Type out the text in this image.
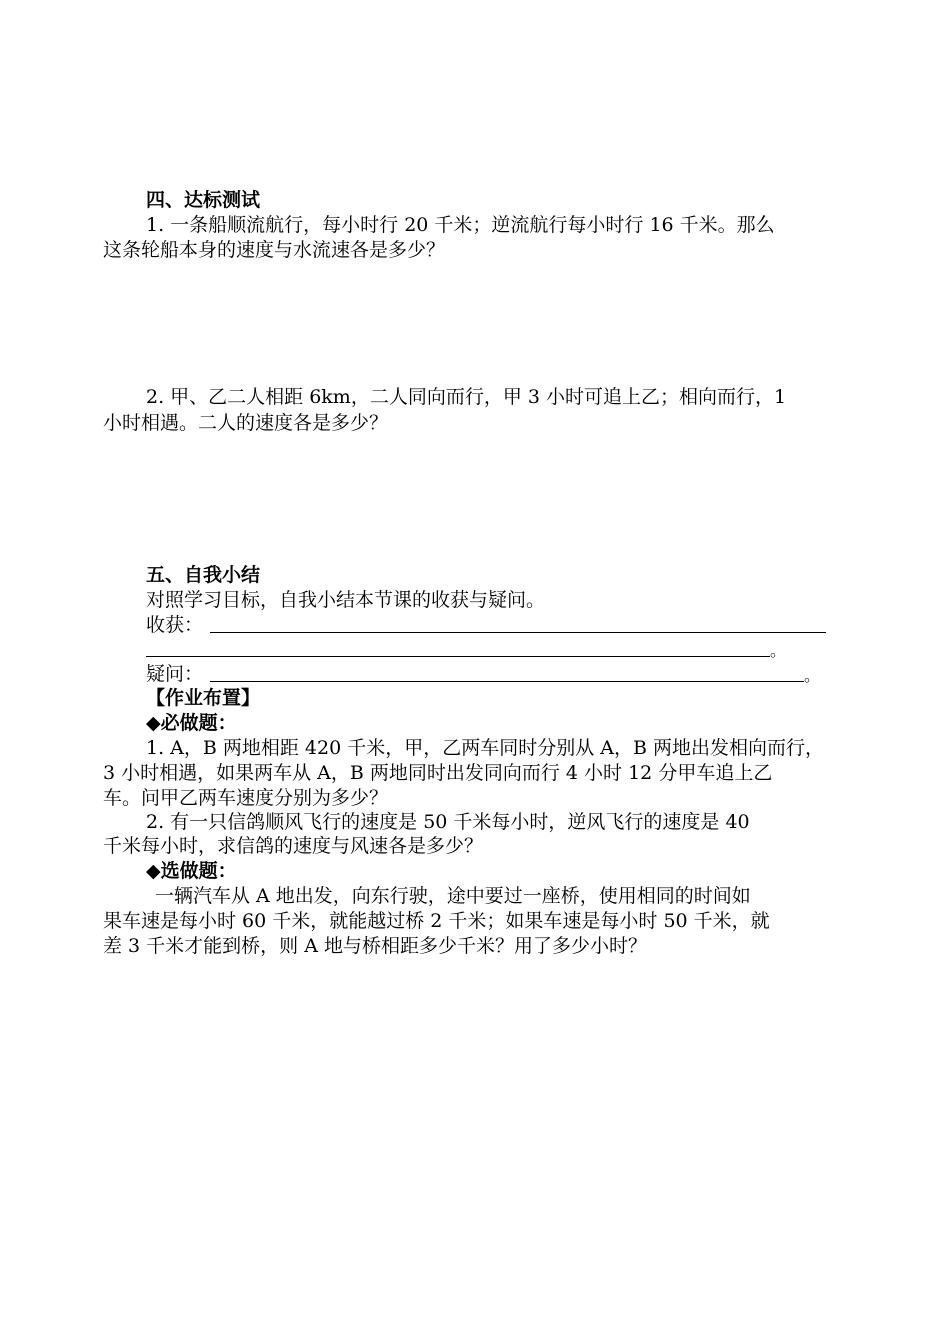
四、达标测试
1. 一条船顺流航行，每小时行 20 千米；逆流航行每小时行 16 千米。那么
这条轮船本身的速度与水流速各是多少？
2. 甲、乙二人相距 6km，二人同向而行，甲 3 小时可追上乙；相向而行，1
小时相遇。二人的速度各是多少？
五、自我小结
对照学习目标，自我小结本节课的收获与疑问。
收获：
。
疑问：	。
【作业布置】
◆必做题：
1. A，B 两地相距 420 千米，甲，乙两车同时分别从 A，B 两地出发相向而行，
3 小时相遇，如果两车从 A，B 两地同时出发同向而行 4 小时 12 分甲车追上乙
车。问甲乙两车速度分别为多少？
2. 有一只信鸽顺风飞行的速度是 50 千米每小时，逆风飞行的速度是 40
千米每小时，求信鸽的速度与风速各是多少？
◆选做题：
一辆汽车从 A 地出发，向东行驶，途中要过一座桥，使用相同的时间如
果车速是每小时 60 千米，就能越过桥 2 千米；如果车速是每小时 50 千米，就
差 3 千米才能到桥，则 A 地与桥相距多少千米？用了多少小时？
